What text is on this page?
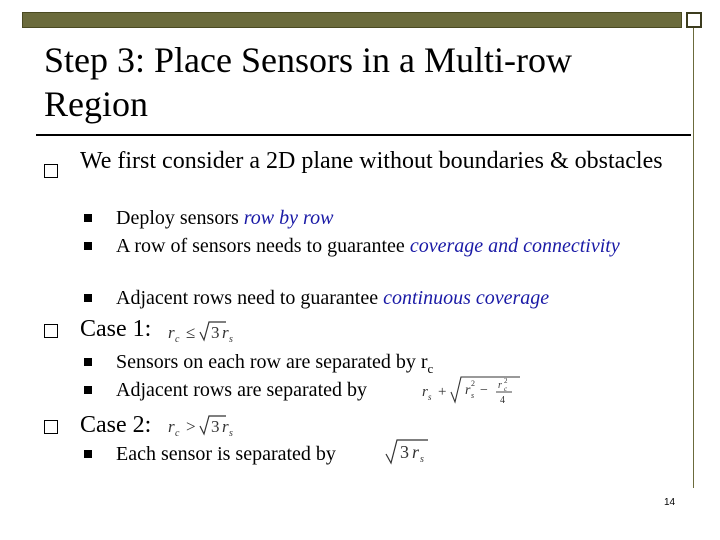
Step 3: Place Sensors in a Multi-row Region
We first consider a 2D plane without boundaries & obstacles
Deploy sensors row by row
A row of sensors needs to guarantee coverage and connectivity
Adjacent rows need to guarantee continuous coverage
Case 1: r c ≤ 3 r s
Sensors on each row are separated by $r_c$
Adjacent rows are separated by	r s + r 2
s − r 2
c
4
Case 2: r c > 3 r s
Each sensor is separated by	3 r s
14
